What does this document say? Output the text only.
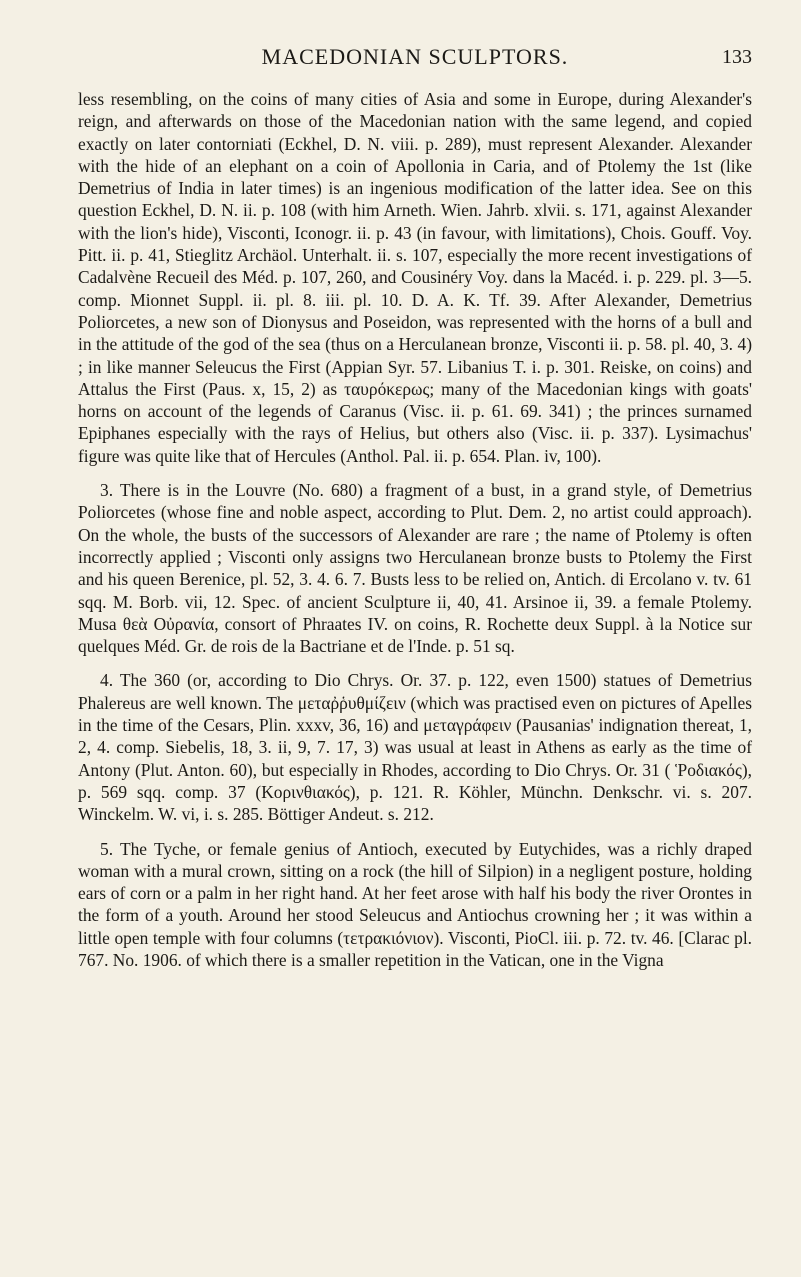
MACEDONIAN SCULPTORS.	133

less resembling, on the coins of many cities of Asia and some in Europe, during Alexander's reign, and afterwards on those of the Macedonian nation with the same legend, and copied exactly on later contorniati (Eckhel, D. N. viii. p. 289), must represent Alexander. Alexander with the hide of an elephant on a coin of Apollonia in Caria, and of Ptolemy the 1st (like Demetrius of India in later times) is an ingenious modification of the latter idea. See on this question Eckhel, D. N. ii. p. 108 (with him Arneth. Wien. Jahrb. xlvii. s. 171, against Alexander with the lion's hide), Visconti, Iconogr. ii. p. 43 (in favour, with limitations), Chois. Gouff. Voy. Pitt. ii. p. 41, Stieglitz Archäol. Unterhalt. ii. s. 107, especially the more recent investigations of Cadalvène Recueil des Méd. p. 107, 260, and Cousinéry Voy. dans la Macéd. i. p. 229. pl. 3—5. comp. Mionnet Suppl. ii. pl. 8. iii. pl. 10. D. A. K. Tf. 39. After Alexander, Demetrius Poliorcetes, a new son of Dionysus and Poseidon, was represented with the horns of a bull and in the attitude of the god of the sea (thus on a Herculanean bronze, Visconti ii. p. 58. pl. 40, 3. 4) ; in like manner Seleucus the First (Appian Syr. 57. Libanius T. i. p. 301. Reiske, on coins) and Attalus the First (Paus. x, 15, 2) as ταυρόκερως; many of the Macedonian kings with goats' horns on account of the legends of Caranus (Visc. ii. p. 61. 69. 341) ; the princes surnamed Epiphanes especially with the rays of Helius, but others also (Visc. ii. p. 337). Lysimachus' figure was quite like that of Hercules (Anthol. Pal. ii. p. 654. Plan. iv, 100).

3. There is in the Louvre (No. 680) a fragment of a bust, in a grand style, of Demetrius Poliorcetes (whose fine and noble aspect, according to Plut. Dem. 2, no artist could approach). On the whole, the busts of the successors of Alexander are rare ; the name of Ptolemy is often incorrectly applied ; Visconti only assigns two Herculanean bronze busts to Ptolemy the First and his queen Berenice, pl. 52, 3. 4. 6. 7. Busts less to be relied on, Antich. di Ercolano v. tv. 61 sqq. M. Borb. vii, 12. Spec. of ancient Sculpture ii, 40, 41. Arsinoe ii, 39. a female Ptolemy. Musa θεὰ Οὐρανία, consort of Phraates IV. on coins, R. Rochette deux Suppl. à la Notice sur quelques Méd. Gr. de rois de la Bactriane et de l'Inde. p. 51 sq.

4. The 360 (or, according to Dio Chrys. Or. 37. p. 122, even 1500) statues of Demetrius Phalereus are well known. The μεταῤῥυθμίζειν (which was practised even on pictures of Apelles in the time of the Cesars, Plin. xxxv, 36, 16) and μεταγράφειν (Pausanias' indignation thereat, 1, 2, 4. comp. Siebelis, 18, 3. ii, 9, 7. 17, 3) was usual at least in Athens as early as the time of Antony (Plut. Anton. 60), but especially in Rhodes, according to Dio Chrys. Or. 31 ( Ῥοδιακός), p. 569 sqq. comp. 37 (Κορινθιακός), p. 121. R. Köhler, Münchn. Denkschr. vi. s. 207. Winckelm. W. vi, i. s. 285. Böttiger Andeut. s. 212.

5. The Tyche, or female genius of Antioch, executed by Eutychides, was a richly draped woman with a mural crown, sitting on a rock (the hill of Silpion) in a negligent posture, holding ears of corn or a palm in her right hand. At her feet arose with half his body the river Orontes in the form of a youth. Around her stood Seleucus and Antiochus crowning her ; it was within a little open temple with four columns (τετρακιόνιον). Visconti, PioCl. iii. p. 72. tv. 46. [Clarac pl. 767. No. 1906. of which there is a smaller repetition in the Vatican, one in the Vigna
